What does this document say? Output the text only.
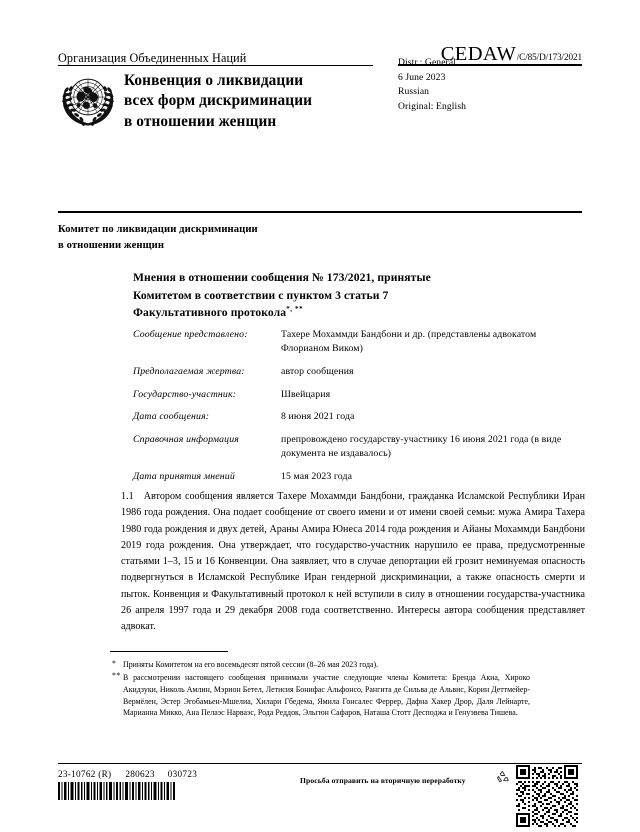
Организация Объединенных Наций	CEDAW /C/85/D/173/2021
Конвенция о ликвидации
всех форм дискриминации
в отношении женщин
Distr.: General
6 June 2023
Russian
Original: English
Комитет по ликвидации дискриминации
в отношении женщин
Мнения в отношении сообщения № 173/2021, принятые
Комитетом в соответствии с пунктом 3 статьи 7
Факультативного протокола*, **
Сообщение представлено:	Тахере Мохаммди Бандбони и др. (представлены адвокатом Флорианом Виком)
Предполагаемая жертва:	автор сообщения
Государство-участник:	Швейцария
Дата сообщения:	8 июня 2021 года
Справочная информация	препровождено государству-участнику 16 июня 2021 года (в виде документа не издавалось)
Дата принятия мнений	15 мая 2023 года
1.1 Автором сообщения является Тахере Мохаммди Бандбони, гражданка Исламской Республики Иран 1986 года рождения. Она подает сообщение от своего имени и от имени своей семьи: мужа Амира Тахера 1980 года рождения и двух детей, Араны Амира Юнеса 2014 года рождения и Айаны Мохаммди Бандбони 2019 года рождения. Она утверждает, что государство-участник нарушило ее права, предусмотренные статьями 1–3, 15 и 16 Конвенции. Она заявляет, что в случае депортации ей грозит неминуемая опасность подвергнуться в Исламской Республике Иран гендерной дискриминации, а также опасность смерти и пыток. Конвенция и Факультативный протокол к ней вступили в силу в отношении государства-участника 26 апреля 1997 года и 29 декабря 2008 года соответственно. Интересы автора сообщения представляет адвокат.
* Приняты Комитетом на его восемьдесят пятой сессии (8–26 мая 2023 года).
** В рассмотрении настоящего сообщения принимали участие следующие члены Комитета: Бренда Акиа, Хироко Акидзуки, Николь Амлин, Мэрион Бетел, Летисия Бонифас Альфонсо, Рангита де Сильва де Альвис, Корин Деттмейер-Вермёлен, Эстер Эгобамьен-Мшелиа, Хилари Гбедема, Ямила Гонсалес Феррер, Дафна Хакер Дрор, Даля Лейнарте, Марианна Микко, Ана Пелаэс Нарваэс, Рода Реддок, Эльгюн Сафаров, Наташа Стотт Десподжа и Генуэвева Тишева.
23-10762 (R) 280623 030723
Просьба отправить на вторичную переработку
